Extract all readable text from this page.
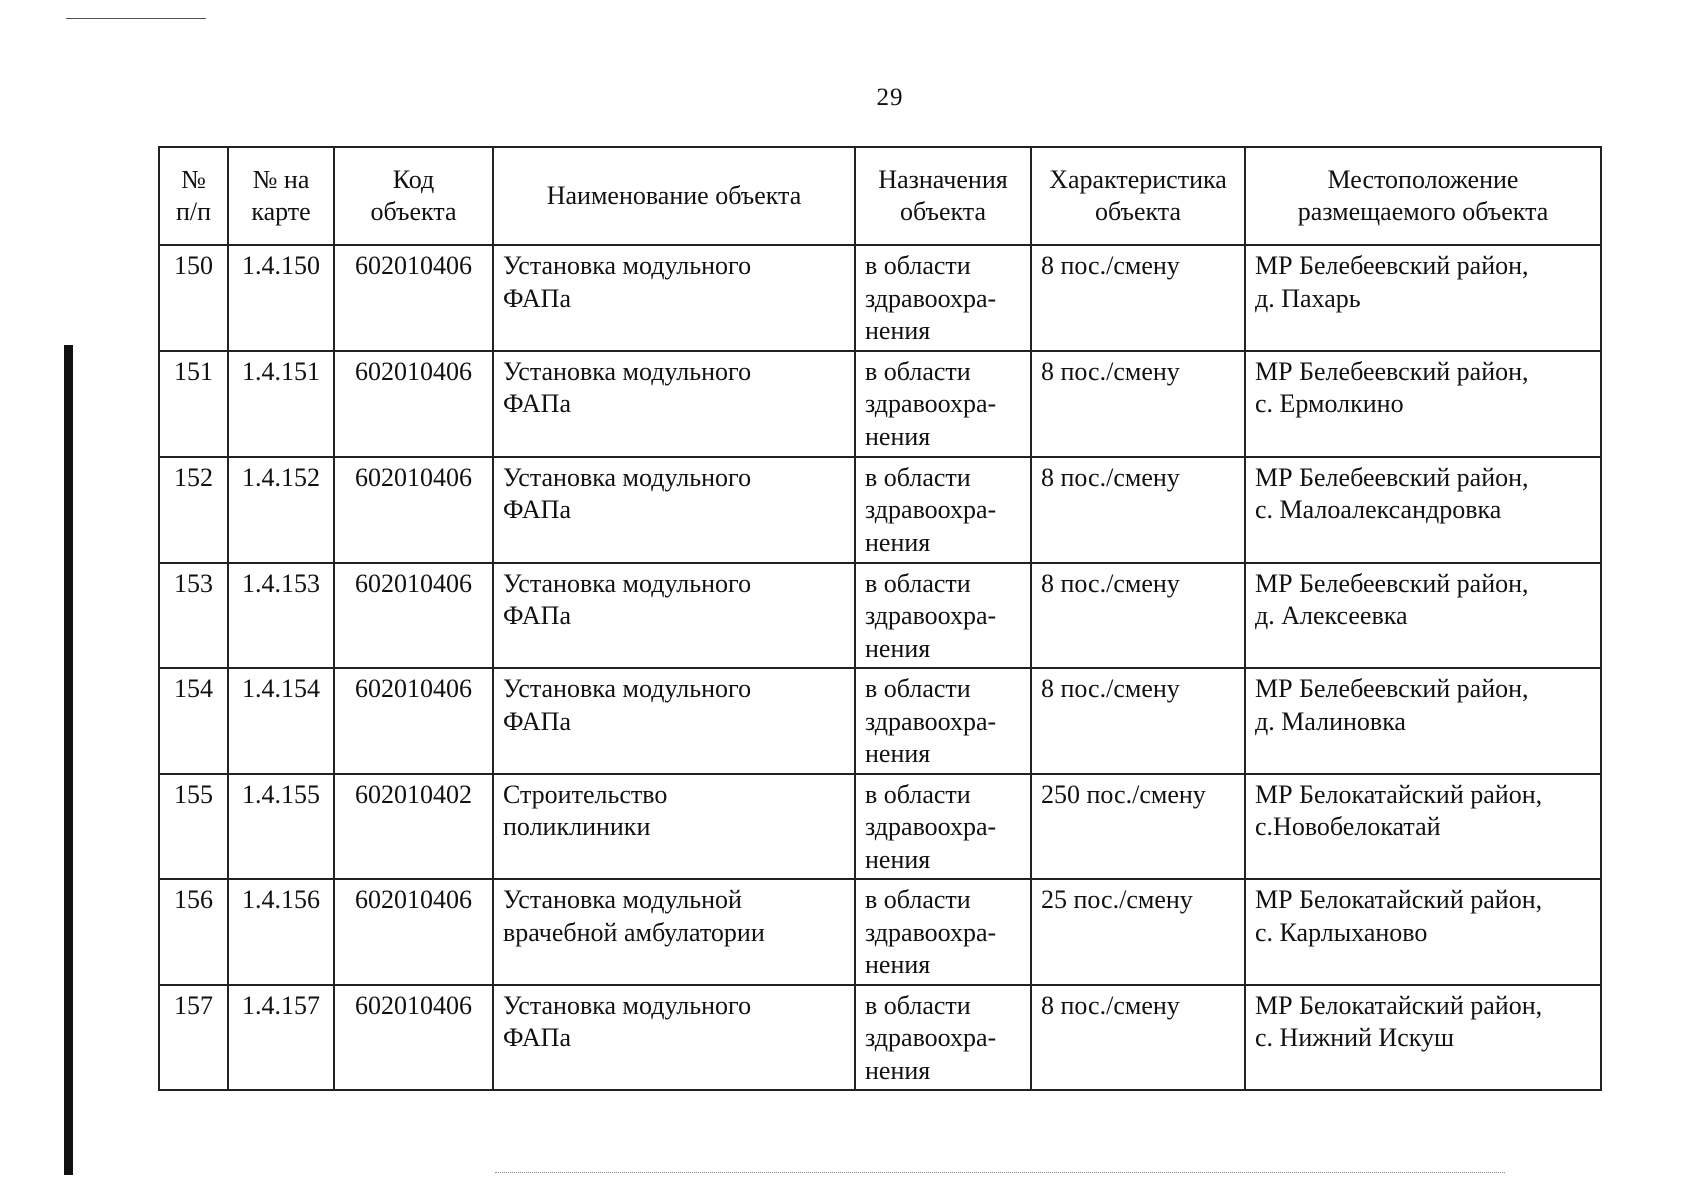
29
№
п/п	№ на
карте	Код
объекта	Наименование объекта	Назначения
объекта	Характеристика
объекта	Местоположение
размещаемого объекта

150	1.4.150	602010406	Установка модульного
ФАПа	в области
здравоохра-
нения	8 пос./смену	МР Белебеевский район,
д. Пахарь

151	1.4.151	602010406	Установка модульного
ФАПа	в области
здравоохра-
нения	8 пос./смену	МР Белебеевский район,
с. Ермолкино

152	1.4.152	602010406	Установка модульного
ФАПа	в области
здравоохра-
нения	8 пос./смену	МР Белебеевский район,
с. Малоалександровка

153	1.4.153	602010406	Установка модульного
ФАПа	в области
здравоохра-
нения	8 пос./смену	МР Белебеевский район,
д. Алексеевка

154	1.4.154	602010406	Установка модульного
ФАПа	в области
здравоохра-
нения	8 пос./смену	МР Белебеевский район,
д. Малиновка

155	1.4.155	602010402	Строительство
поликлиники	в области
здравоохра-
нения	250 пос./смену	МР Белокатайский район,
с.Новобелокатай

156	1.4.156	602010406	Установка модульной
врачебной амбулатории	в области
здравоохра-
нения	25 пос./смену	МР Белокатайский район,
с. Карлыханово

157	1.4.157	602010406	Установка модульного
ФАПа	в области
здравоохра-
нения	8 пос./смену	МР Белокатайский район,
с. Нижний Искуш
